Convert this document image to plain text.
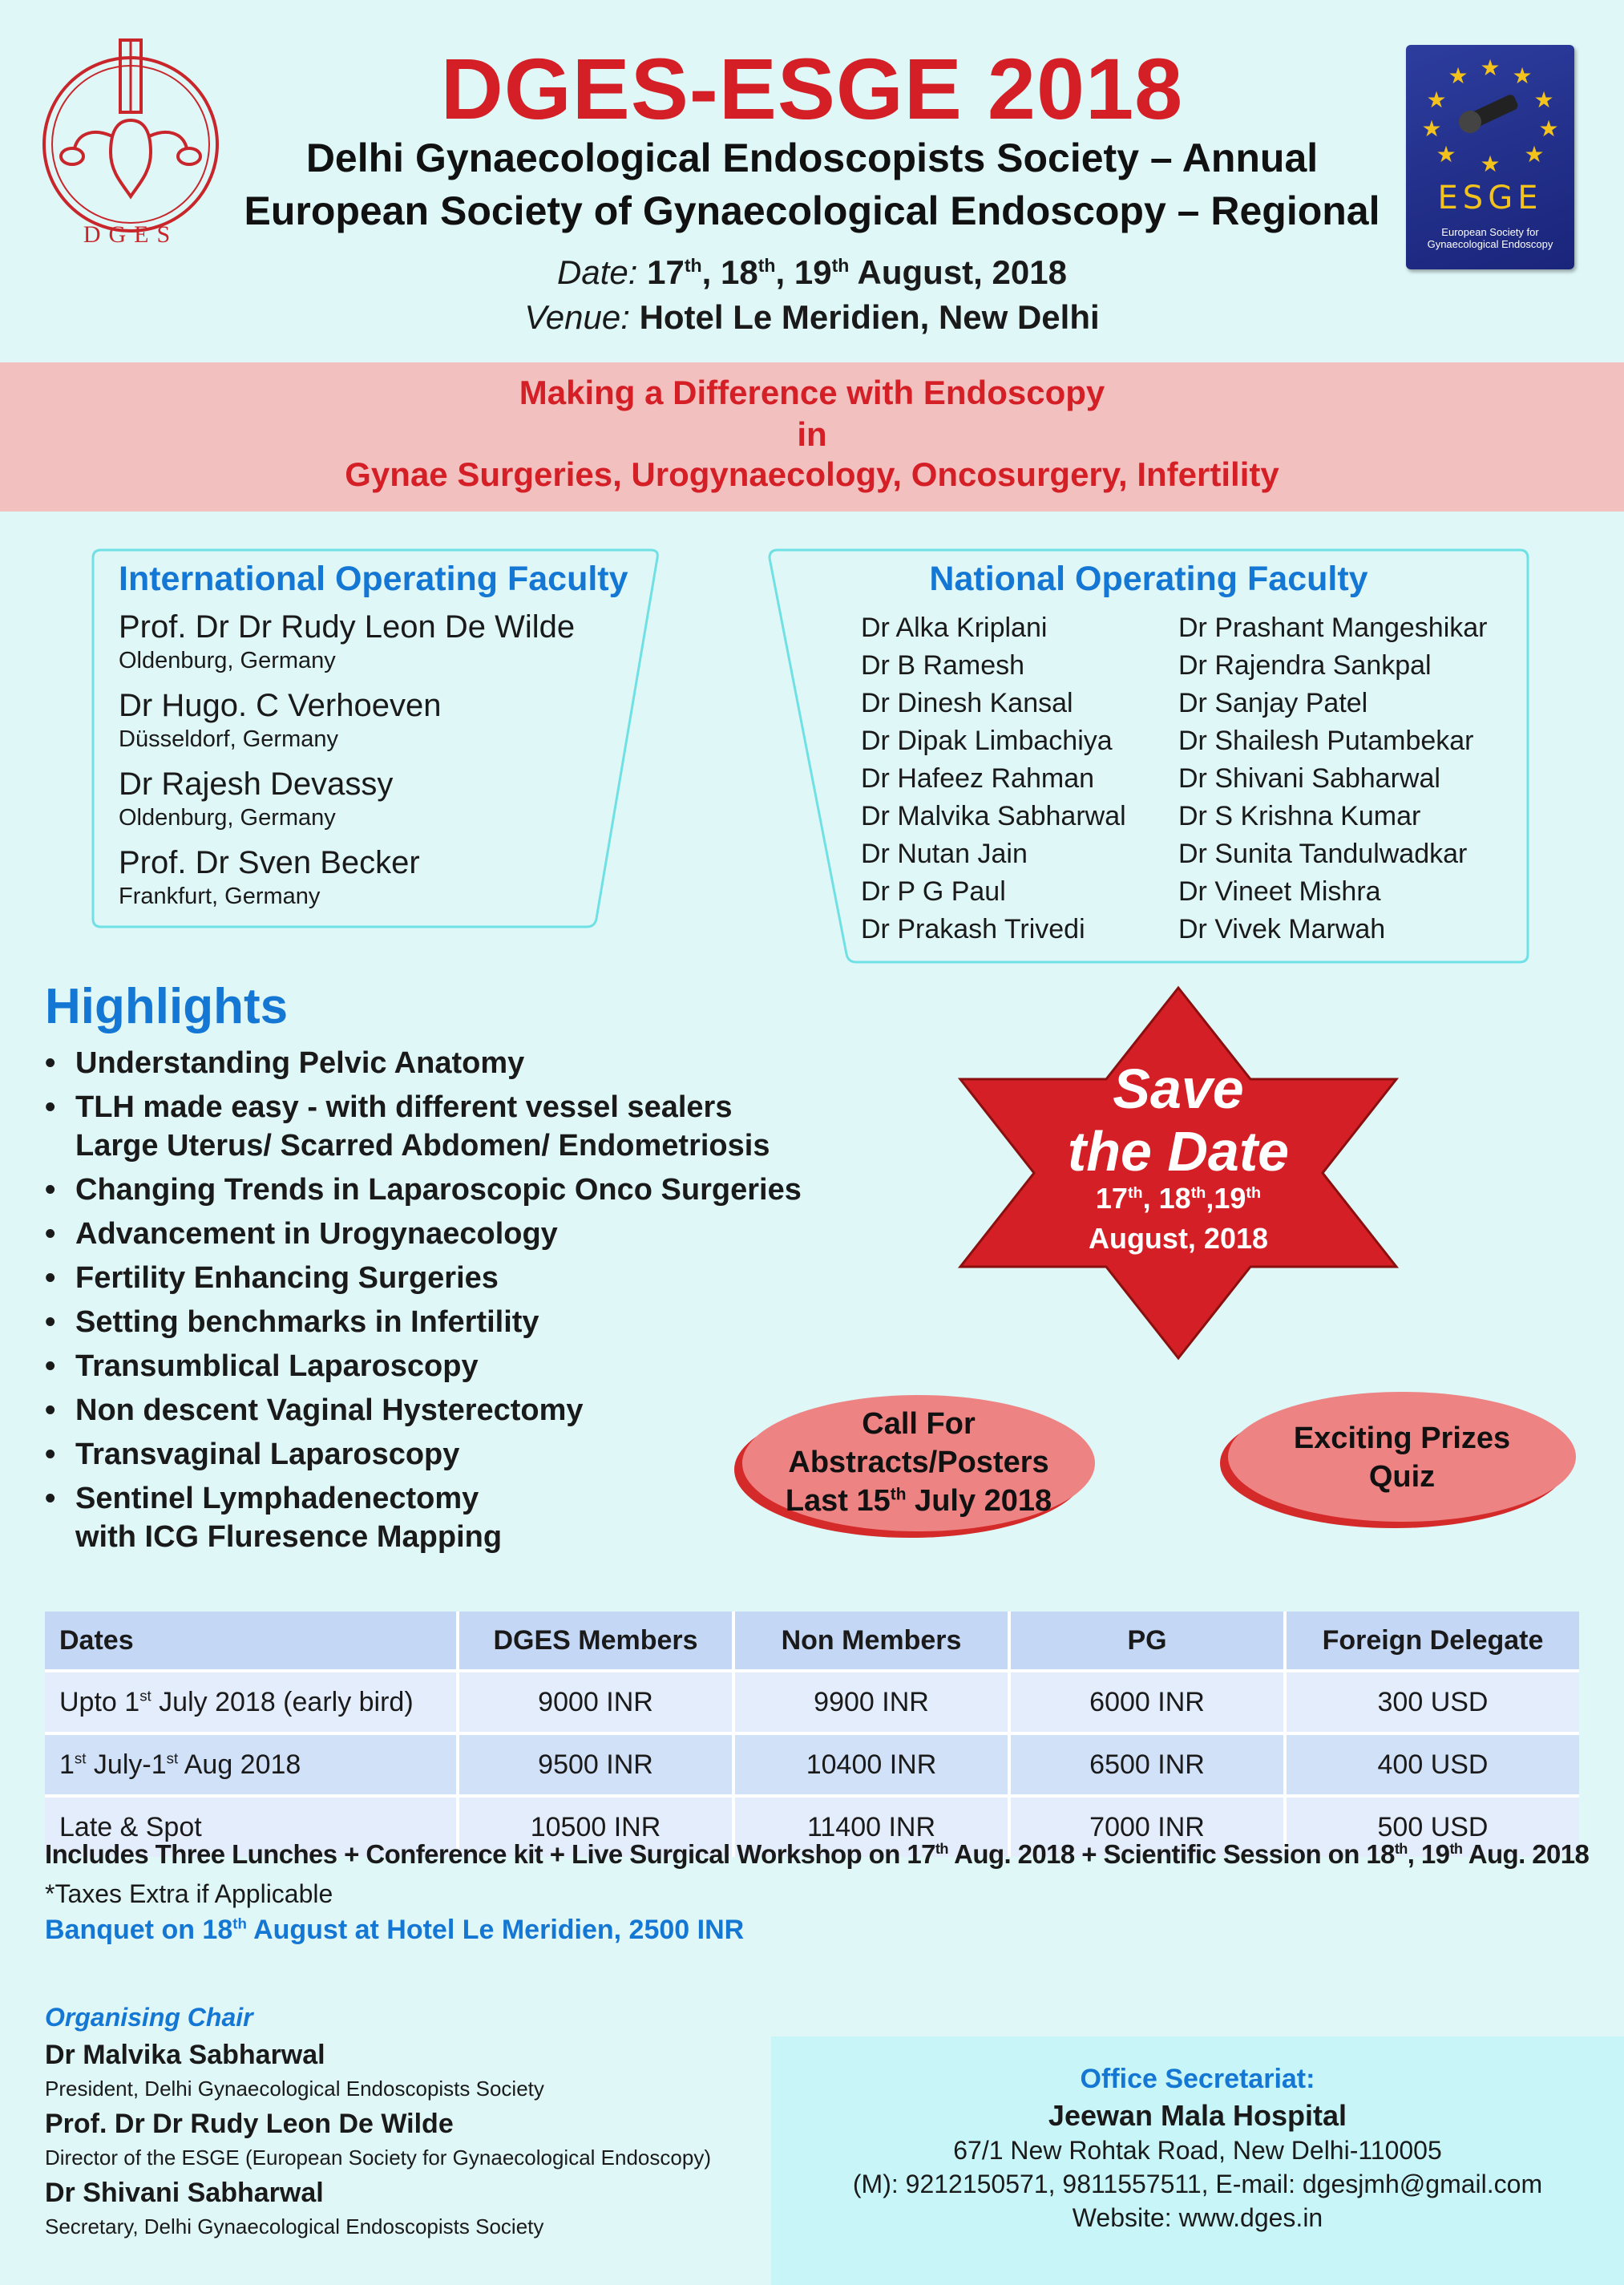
DGES
DGES-ESGE 2018
Delhi Gynaecological Endoscopists Society – Annual
European Society of Gynaecological Endoscopy – Regional
Date: 17th, 18th, 19th August, 2018
Venue: Hotel Le Meridien, New Delhi
★ ★
★
★
★
★
★
★
★
★
ESGE
European Society for Gynaecological Endoscopy
Making a Difference with Endoscopy
in
Gynae Surgeries, Urogynaecology, Oncosurgery, Infertility
International Operating Faculty
Prof. Dr Dr Rudy Leon De Wilde
Oldenburg, Germany
Dr Hugo. C Verhoeven
Düsseldorf, Germany
Dr Rajesh Devassy
Oldenburg, Germany
Prof. Dr Sven Becker
Frankfurt, Germany
National Operating Faculty
Dr Alka Kriplani
Dr B Ramesh
Dr Dinesh Kansal
Dr Dipak Limbachiya
Dr Hafeez Rahman
Dr Malvika Sabharwal
Dr Nutan Jain
Dr P G Paul
Dr Prakash Trivedi
Dr Prashant Mangeshikar
Dr Rajendra Sankpal
Dr Sanjay Patel
Dr Shailesh Putambekar
Dr Shivani Sabharwal
Dr S Krishna Kumar
Dr Sunita Tandulwadkar
Dr Vineet Mishra
Dr Vivek Marwah
Highlights
• Understanding Pelvic Anatomy
• TLH made easy - with different vessel sealers
Large Uterus/ Scarred Abdomen/ Endometriosis
• Changing Trends in Laparoscopic Onco Surgeries
• Advancement in Urogynaecology
• Fertility Enhancing Surgeries
• Setting benchmarks in Infertility
• Transumblical Laparoscopy
• Non descent Vaginal Hysterectomy
• Transvaginal Laparoscopy
• Sentinel Lymphadenectomy
with ICG Fluresence Mapping
Save
the Date
17th, 18th,19th
August, 2018
Call For
Abstracts/Posters
Last 15th July 2018
Exciting Prizes
Quiz
Dates	DGES Members	Non Members	PG	Foreign Delegate
Upto 1st July 2018 (early bird)	9000 INR	9900 INR	6000 INR	300 USD
1st July-1st Aug 2018	9500 INR	10400 INR	6500 INR	400 USD
Late & Spot	10500 INR	11400 INR	7000 INR	500 USD
Includes Three Lunches + Conference kit + Live Surgical Workshop on 17th Aug. 2018 + Scientific Session on 18th, 19th Aug. 2018
*Taxes Extra if Applicable
Banquet on 18th August at Hotel Le Meridien, 2500 INR
Organising Chair
Dr Malvika Sabharwal
President, Delhi Gynaecological Endoscopists Society
Prof. Dr Dr Rudy Leon De Wilde
Director of the ESGE (European Society for Gynaecological Endoscopy)
Dr Shivani Sabharwal
Secretary, Delhi Gynaecological Endoscopists Society
Office Secretariat:
Jeewan Mala Hospital
67/1 New Rohtak Road, New Delhi-110005
(M): 9212150571, 9811557511, E-mail: dgesjmh@gmail.com
Website: www.dges.in
